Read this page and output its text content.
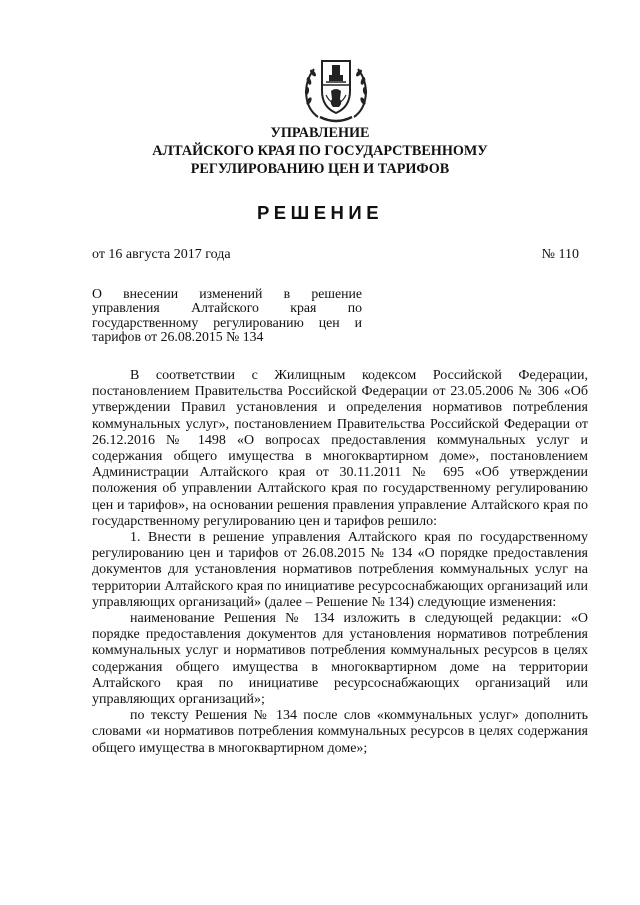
УПРАВЛЕНИЕ
АЛТАЙСКОГО КРАЯ ПО ГОСУДАРСТВЕННОМУ
РЕГУЛИРОВАНИЮ ЦЕН И ТАРИФОВ
РЕШЕНИЕ
от 16 августа 2017 года	№ 110
О внесении изменений в решение управления Алтайского края по государственному регулированию цен и тарифов от 26.08.2015 № 134

В соответствии с Жилищным кодексом Российской Федерации, постановлением Правительства Российской Федерации от 23.05.2006 № 306 «Об утверждении Правил установления и определения нормативов потребления коммунальных услуг», постановлением Правительства Российской Федерации от 26.12.2016 № 1498 «О вопросах предоставления коммунальных услуг и содержания общего имущества в многоквартирном доме», постановлением Администрации Алтайского края от 30.11.2011 № 695 «Об утверждении положения об управлении Алтайского края по государственному регулированию цен и тарифов», на основании решения правления управление Алтайского края по государственному регулированию цен и тарифов решило:

1. Внести в решение управления Алтайского края по государственному регулированию цен и тарифов от 26.08.2015 № 134 «О порядке предоставления документов для установления нормативов потребления коммунальных услуг на территории Алтайского края по инициативе ресурсоснабжающих организаций или управляющих организаций» (далее – Решение № 134) следующие изменения:

наименование Решения № 134 изложить в следующей редакции: «О порядке предоставления документов для установления нормативов потребления коммунальных услуг и нормативов потребления коммунальных ресурсов в целях содержания общего имущества в многоквартирном доме на территории Алтайского края по инициативе ресурсоснабжающих организаций или управляющих организаций»;

по тексту Решения № 134 после слов «коммунальных услуг» дополнить словами «и нормативов потребления коммунальных ресурсов в целях содержания общего имущества в многоквартирном доме»;
